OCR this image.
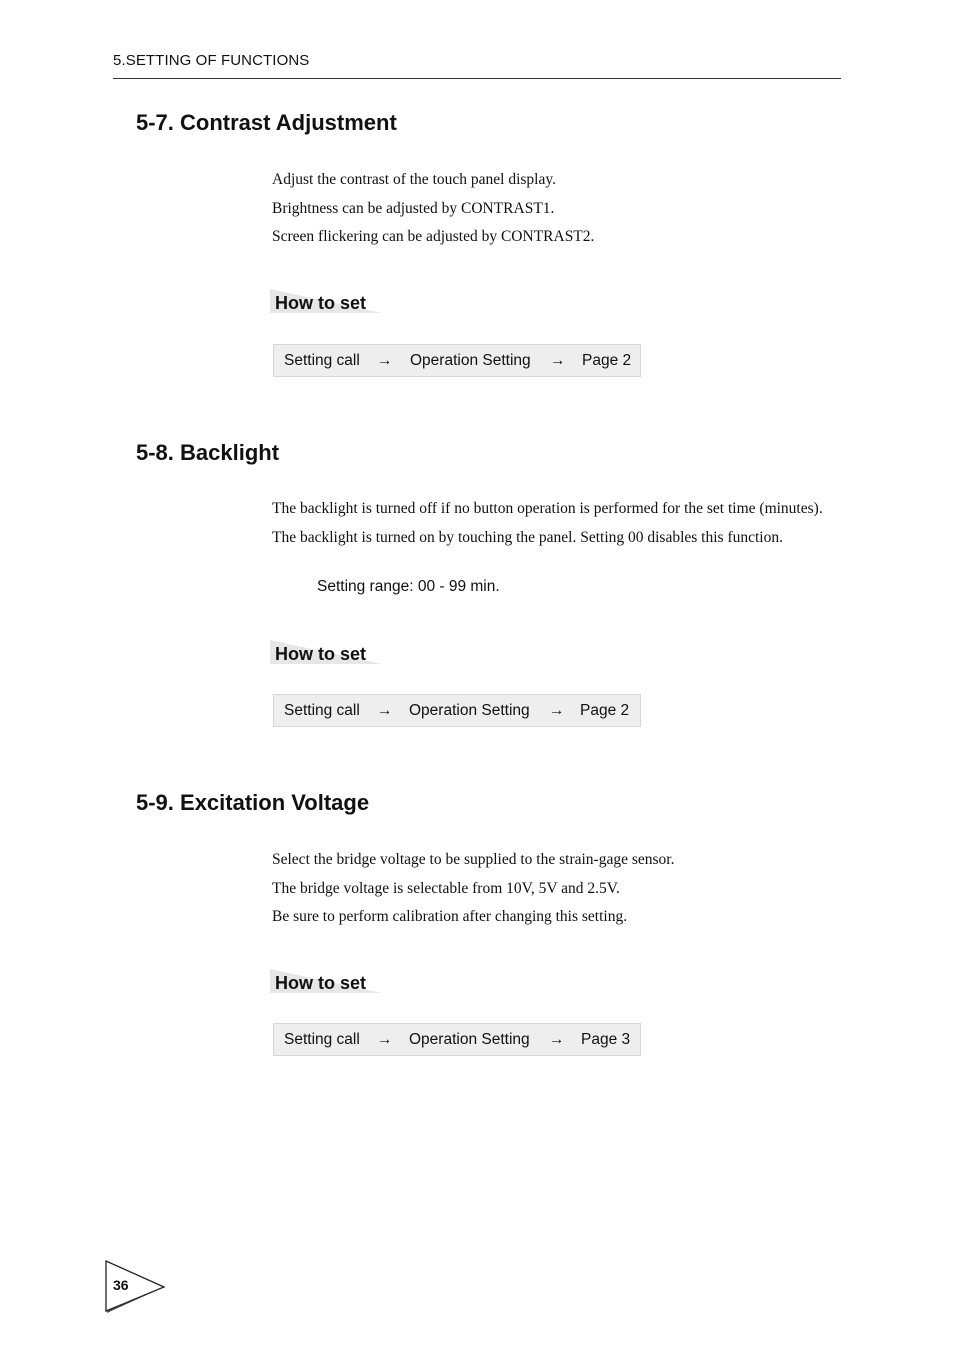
5.SETTING OF FUNCTIONS
5-7. Contrast Adjustment

Adjust the contrast of the touch panel display.

Brightness can be adjusted by CONTRAST1.

Screen flickering can be adjusted by CONTRAST2.

How to set
Setting call → Operation Setting → Page 2
5-8. Backlight

The backlight is turned off if no button operation is performed for the set time (minutes).

The backlight is turned on by touching the panel. Setting 00 disables this function.

Setting range: 00 - 99 min.
How to set
Setting call → Operation Setting → Page 2
5-9. Excitation Voltage

Select the bridge voltage to be supplied to the strain-gage sensor.

The bridge voltage is selectable from 10V, 5V and 2.5V.

Be sure to perform calibration after changing this setting.

How to set
Setting call → Operation Setting → Page 3
36
